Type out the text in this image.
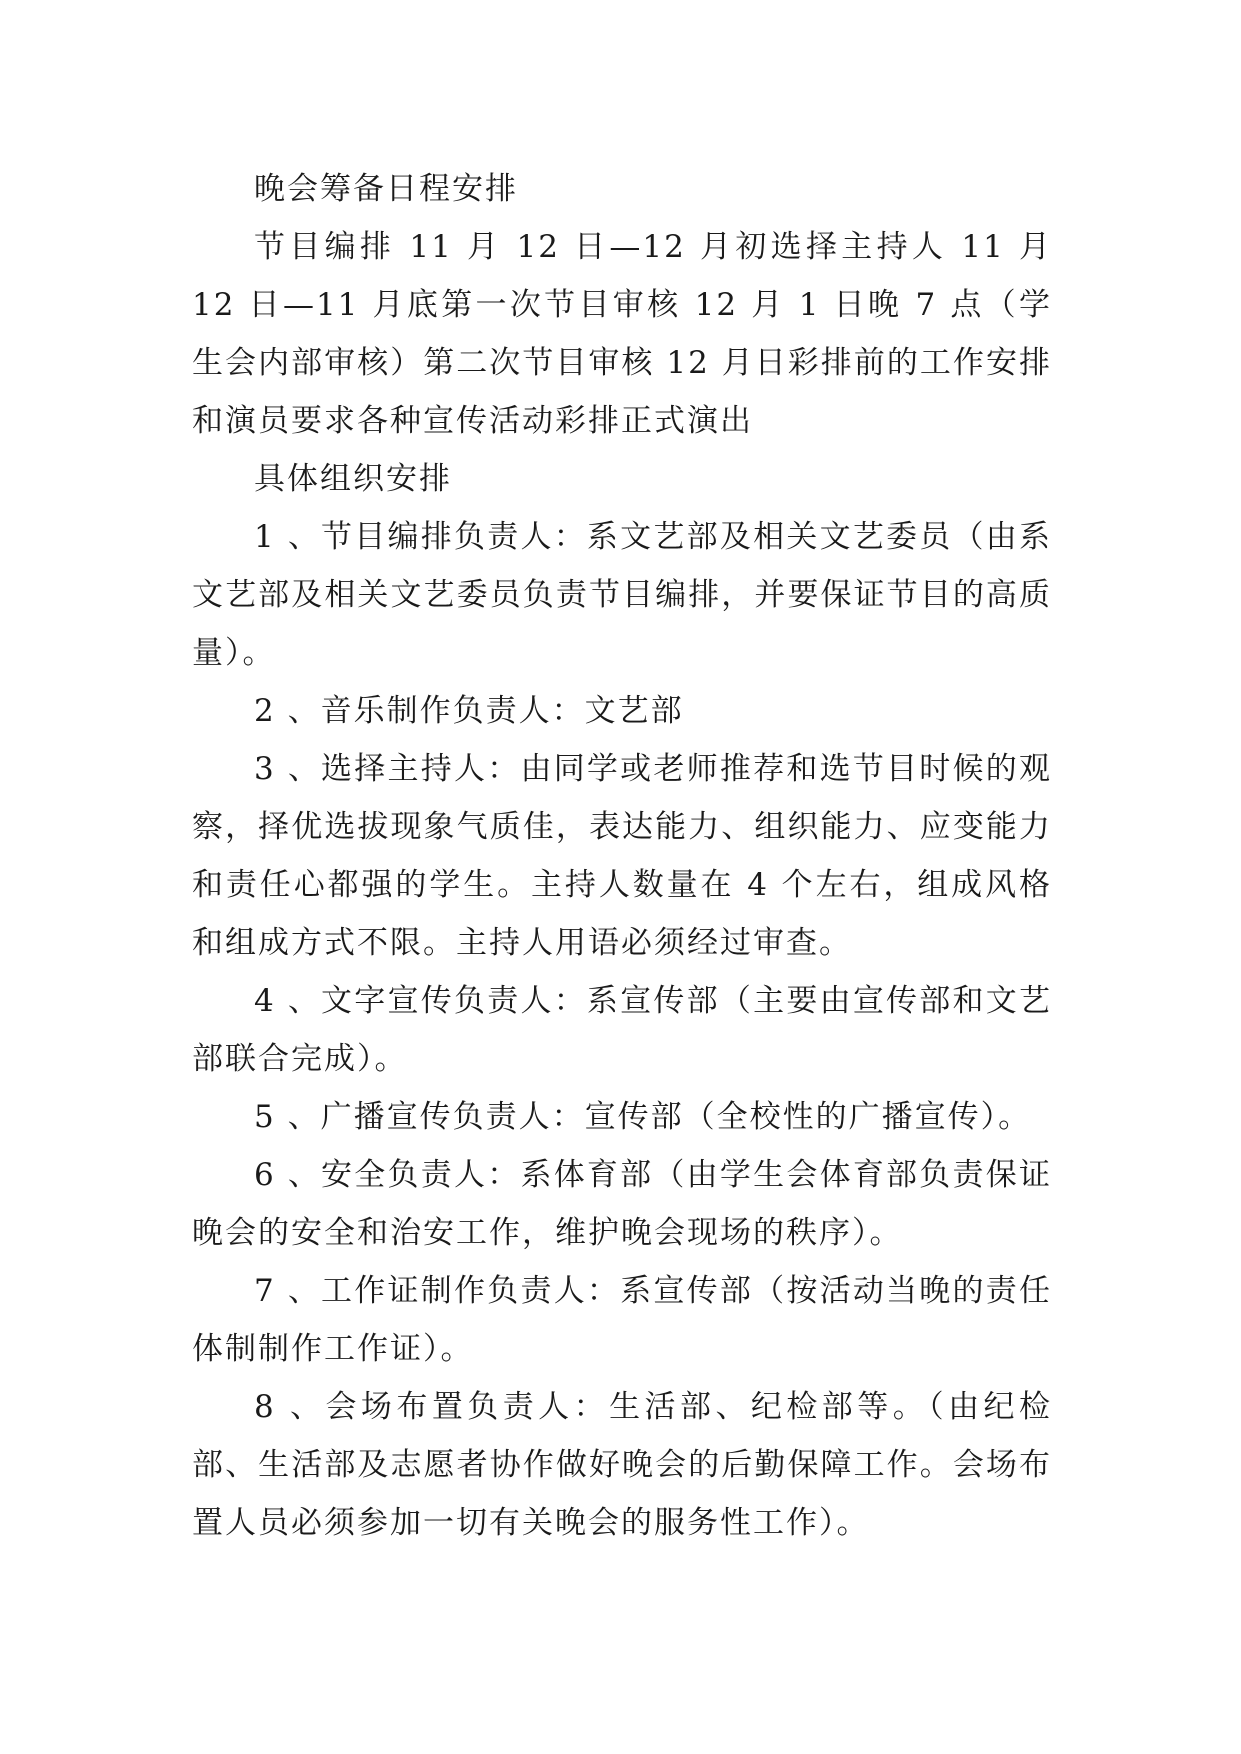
晚会筹备日程安排

节目编排 11 月 12 日—12 月初选择主持人 11 月 12 日—11 月底第一次节目审核 12 月 1 日晚 7 点（学生会内部审核）第二次节目审核 12 月日彩排前的工作安排和演员要求各种宣传活动彩排正式演出

具体组织安排

1 、节目编排负责人：系文艺部及相关文艺委员（由系文艺部及相关文艺委员负责节目编排，并要保证节目的高质量）。

2 、音乐制作负责人：文艺部

3 、选择主持人：由同学或老师推荐和选节目时候的观察，择优选拔现象气质佳，表达能力、组织能力、应变能力和责任心都强的学生。主持人数量在 4 个左右，组成风格和组成方式不限。主持人用语必须经过审查。

4 、文字宣传负责人：系宣传部（主要由宣传部和文艺部联合完成）。

5 、广播宣传负责人：宣传部（全校性的广播宣传）。

6 、安全负责人：系体育部（由学生会体育部负责保证晚会的安全和治安工作，维护晚会现场的秩序）。

7 、工作证制作负责人：系宣传部（按活动当晚的责任体制制作工作证）。

8 、会场布置负责人：生活部、纪检部等。（由纪检部、生活部及志愿者协作做好晚会的后勤保障工作。会场布置人员必须参加一切有关晚会的服务性工作）。
